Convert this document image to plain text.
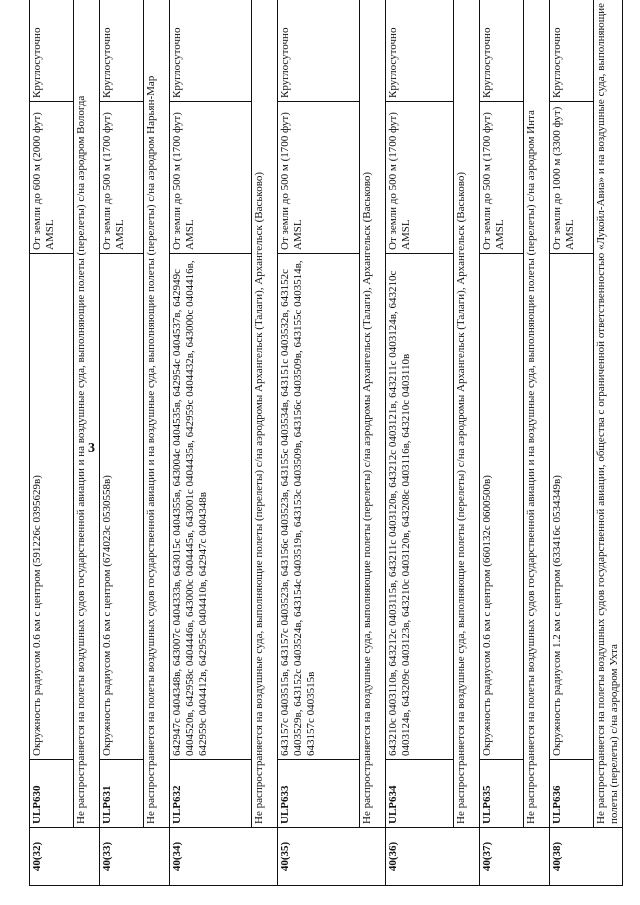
3
40(32)	ULP630	Окружность радиусом 0.6 км с центром (591226с 0395629в)	От земли до 600 м (2000 фут) AMSL	Круглосуточно
	Не распространяется на полеты воздушных судов государственной авиации и на воздушные суда, выполняющие полеты (перелеты) с/на аэродром Вологда			
40(33)	ULP631	Окружность радиусом 0.6 км с центром (674023с 0530558в)	От земли до 500 м (1700 фут) AMSL	Круглосуточно
	Не распространяется на полеты воздушных судов государственной авиации и на воздушные суда, выполняющие полеты (перелеты) с/на аэродром Нарьян-Мар			
40(34)	ULP632	642947с 0404348в, 643007с 0404333в, 643015с 0404355в, 643004с 0404535в, 642954с 0404537в, 642949с 0404520в, 642958с 0404446в, 643000с 0404445в, 643001с 0404435в, 642959с 0404432в, 643000с 0404416в, 642959с 0404412в, 642955с 0404410в, 642947с 0404348в	От земли до 500 м (1700 фут) AMSL	Круглосуточно
	Не распространяется на воздушные суда, выполняющие полеты (перелеты) с/на аэродромы Архангельск (Талаги), Архангельск (Васьково)			
40(35)	ULP633	643157с 0403515в, 643157с 0403523в, 643156с 0403523в, 643155с 0403534в, 643151с 0403532в, 643152с 0403529в, 643152с 0403524в, 643154с 0403519в, 643153с 0403509в, 643156с 0403509в, 643155с 0403514в, 643157с 0403515в	От земли до 500 м (1700 фут) AMSL	Круглосуточно
	Не распространяется на воздушные суда, выполняющие полеты (перелеты) с/на аэродромы Архангельск (Талаги), Архангельск (Васьково)			
40(36)	ULP634	643210с 0403110в, 643212с 0403115в, 643211с 0403120в, 643212с 0403121в, 643211с 0403124в, 643210с 0403124в, 643209с 0403123в, 643210с 0403120в, 643208с 0403116в, 643210с 0403110в	От земли до 500 м (1700 фут) AMSL	Круглосуточно
	Не распространяется на воздушные суда, выполняющие полеты (перелеты) с/на аэродромы Архангельск (Талаги), Архангельск (Васьково)			
40(37)	ULP635	Окружность радиусом 0.6 км с центром (660132с 0600500в)	От земли до 500 м (1700 фут) AMSL	Круглосуточно
	Не распространяется на полеты воздушных судов государственной авиации и на воздушные суда, выполняющие полеты (перелеты) с/на аэродром Инта			
40(38)	ULP636	Окружность радиусом 1.2 км с центром (633416с 0534349в)	От земли до 1000 м (3300 фут) AMSL	Круглосуточно
	Не распространяется на полеты воздушных судов государственной авиации, общества с ограниченной ответственностью «Лукойл-Авиа» и на воздушные суда, выполняющие полеты (перелеты) с/на аэродром Ухта			
